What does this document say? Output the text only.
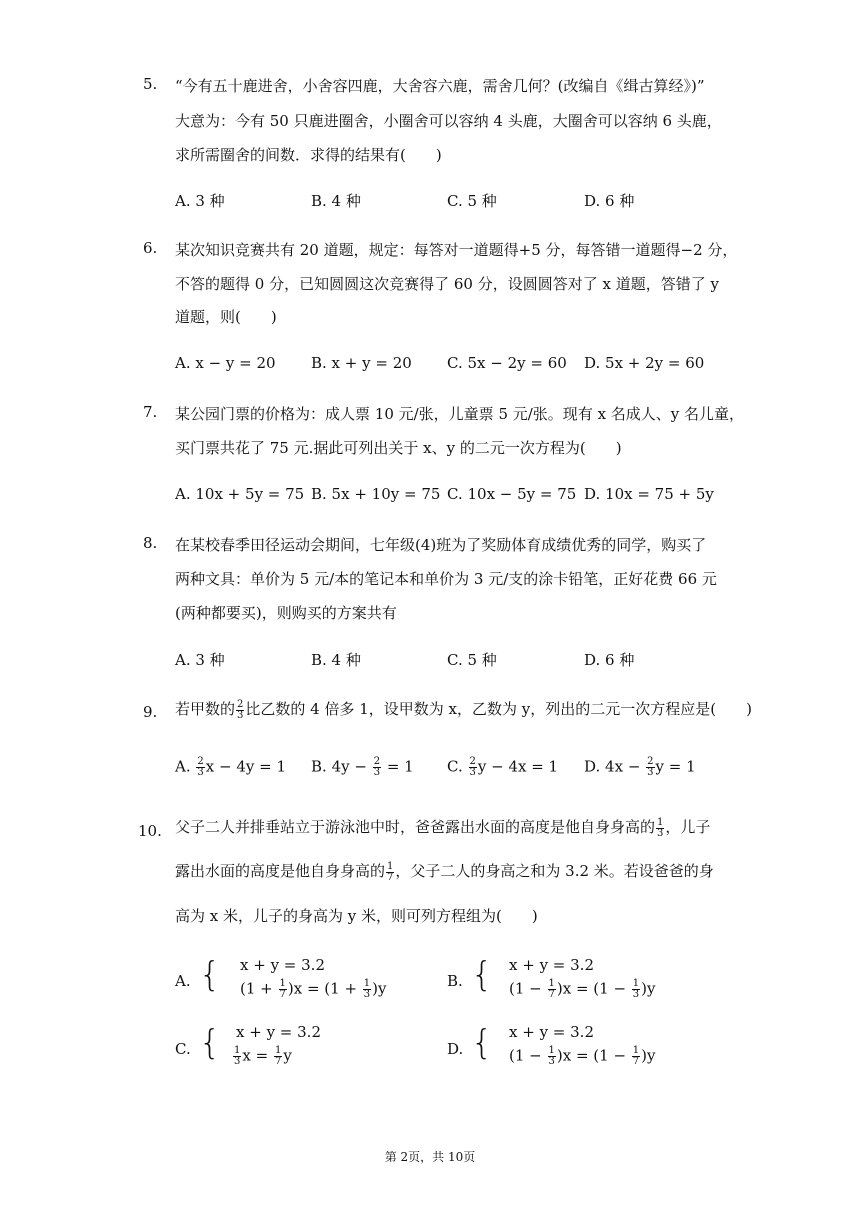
5. “今有五十鹿进舍，小舍容四鹿，大舍容六鹿，需舍几何？(改编自《缉古算经》)”
大意为：今有 50 只鹿进圈舍，小圈舍可以容纳 4 头鹿，大圈舍可以容纳 6 头鹿，
求所需圈舍的间数．求得的结果有(　　)
A. 3 种	B. 4 种	C. 5 种	D. 6 种
6. 某次知识竞赛共有 20 道题，规定：每答对一道题得+5 分，每答错一道题得−2 分，
不答的题得 0 分，已知圆圆这次竞赛得了 60 分，设圆圆答对了 x 道题，答错了 y
道题，则(　　)
A. x − y = 20 B. x + y = 20 C. 5x − 2y = 60 D. 5x + 2y = 60
7. 某公园门票的价格为：成人票 10 元/张，儿童票 5 元/张。现有 x 名成人、y 名儿童，
买门票共花了 75 元.据此可列出关于 x、y 的二元一次方程为(　　)
A. 10x + 5y = 75 B. 5x + 10y = 75 C. 10x − 5y = 75 D. 10x = 75 + 5y
8. 在某校春季田径运动会期间，七年级(4)班为了奖励体育成绩优秀的同学，购买了
两种文具：单价为 5 元/本的笔记本和单价为 3 元/支的涂卡铅笔，正好花费 66 元
(两种都要买)，则购买的方案共有
A. 3 种	B. 4 种	C. 5 种	D. 6 种
9. 若甲数的 $\frac{2}{3}$ 比乙数的 4 倍多 1，设甲数为 x，乙数为 y，列出的二元一次方程应是(　　)
A. $\frac{2}{3}$ x − 4y = 1 B. $4y - \frac{2}{3} = 1$ C. $\frac{2}{3}$ y − 4x = 1 D. $4x - \frac{2}{3}$ y = 1
10. 父子二人并排垂站立于游泳池中时，爸爸露出水面的高度是他自身身高的 $\frac{1}{3}$ ，儿子
露出水面的高度是他自身身高的 $\frac{1}{7}$ ，父子二人的身高之和为 3.2 米。若设爸爸的身
高为 x 米，儿子的身高为 y 米，则可列方程组为(　　)
A. { x + y = 3.2
$(1 + \frac{1}{7} )x = (1 + \frac{1}{3} )y$	B. { x + y = 3.2
$(1 - \frac{1}{7} )x = (1 - \frac{1}{3} )y$
C. { x + y = 3.2
$\frac{1}{3}$ $x = \frac{1}{7}$ y	D. { x + y = 3.2
$(1 - \frac{1}{3} )x = (1 - \frac{1}{7} )y$
第 2页，共 10页
